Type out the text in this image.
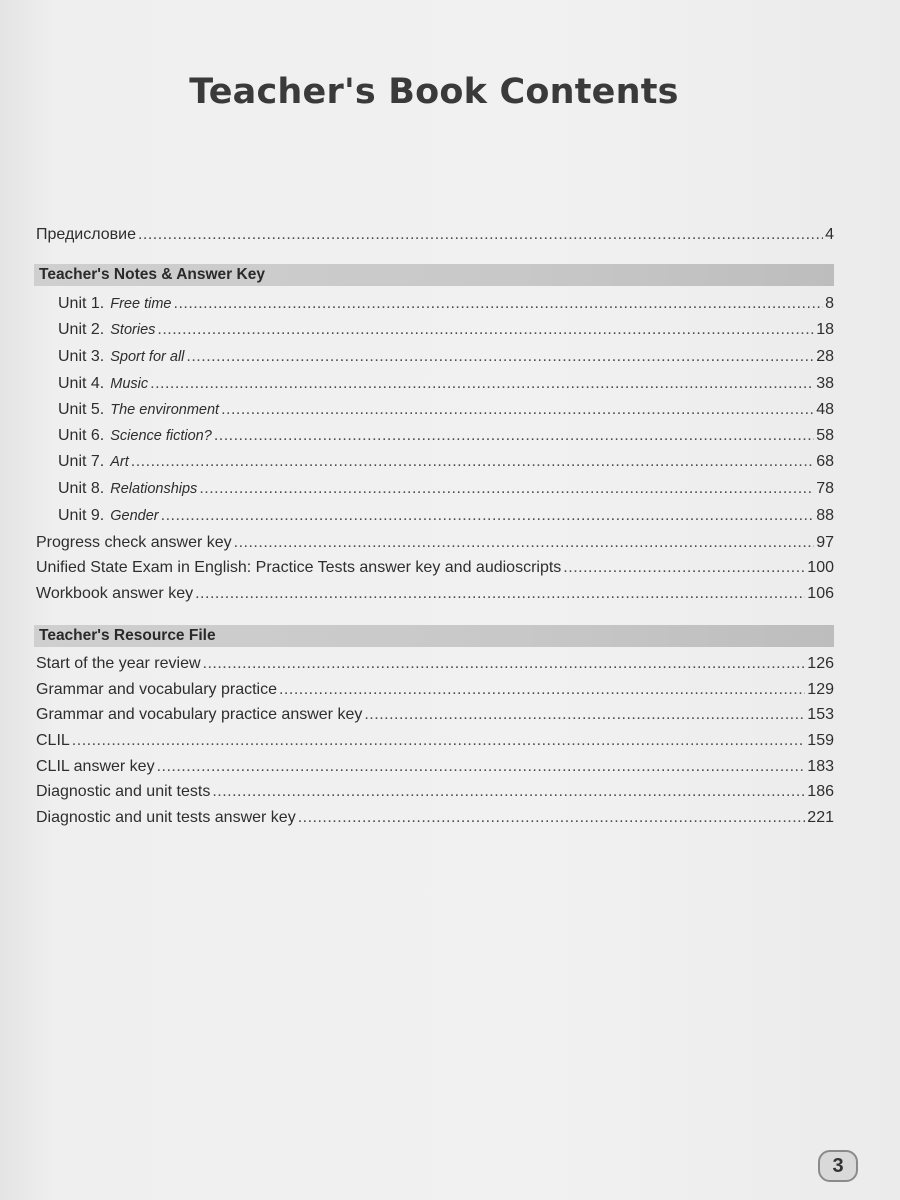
Teacher's Book Contents
Предисловие .....	4
Teacher's Notes & Answer Key
Unit 1. Free time .....	8
Unit 2. Stories .....	18
Unit 3. Sport for all .....	28
Unit 4. Music .....	38
Unit 5. The environment .....	48
Unit 6. Science fiction? .....	58
Unit 7. Art .....	68
Unit 8. Relationships .....	78
Unit 9. Gender .....	88
Progress check answer key .....	97
Unified State Exam in English: Practice Tests answer key and audioscripts .....	100
Workbook answer key .....	106
Teacher's Resource File
Start of the year review .....	126
Grammar and vocabulary practice .....	129
Grammar and vocabulary practice answer key .....	153
CLIL .....	159
CLIL answer key .....	183
Diagnostic and unit tests .....	186
Diagnostic and unit tests answer key .....	221
3
